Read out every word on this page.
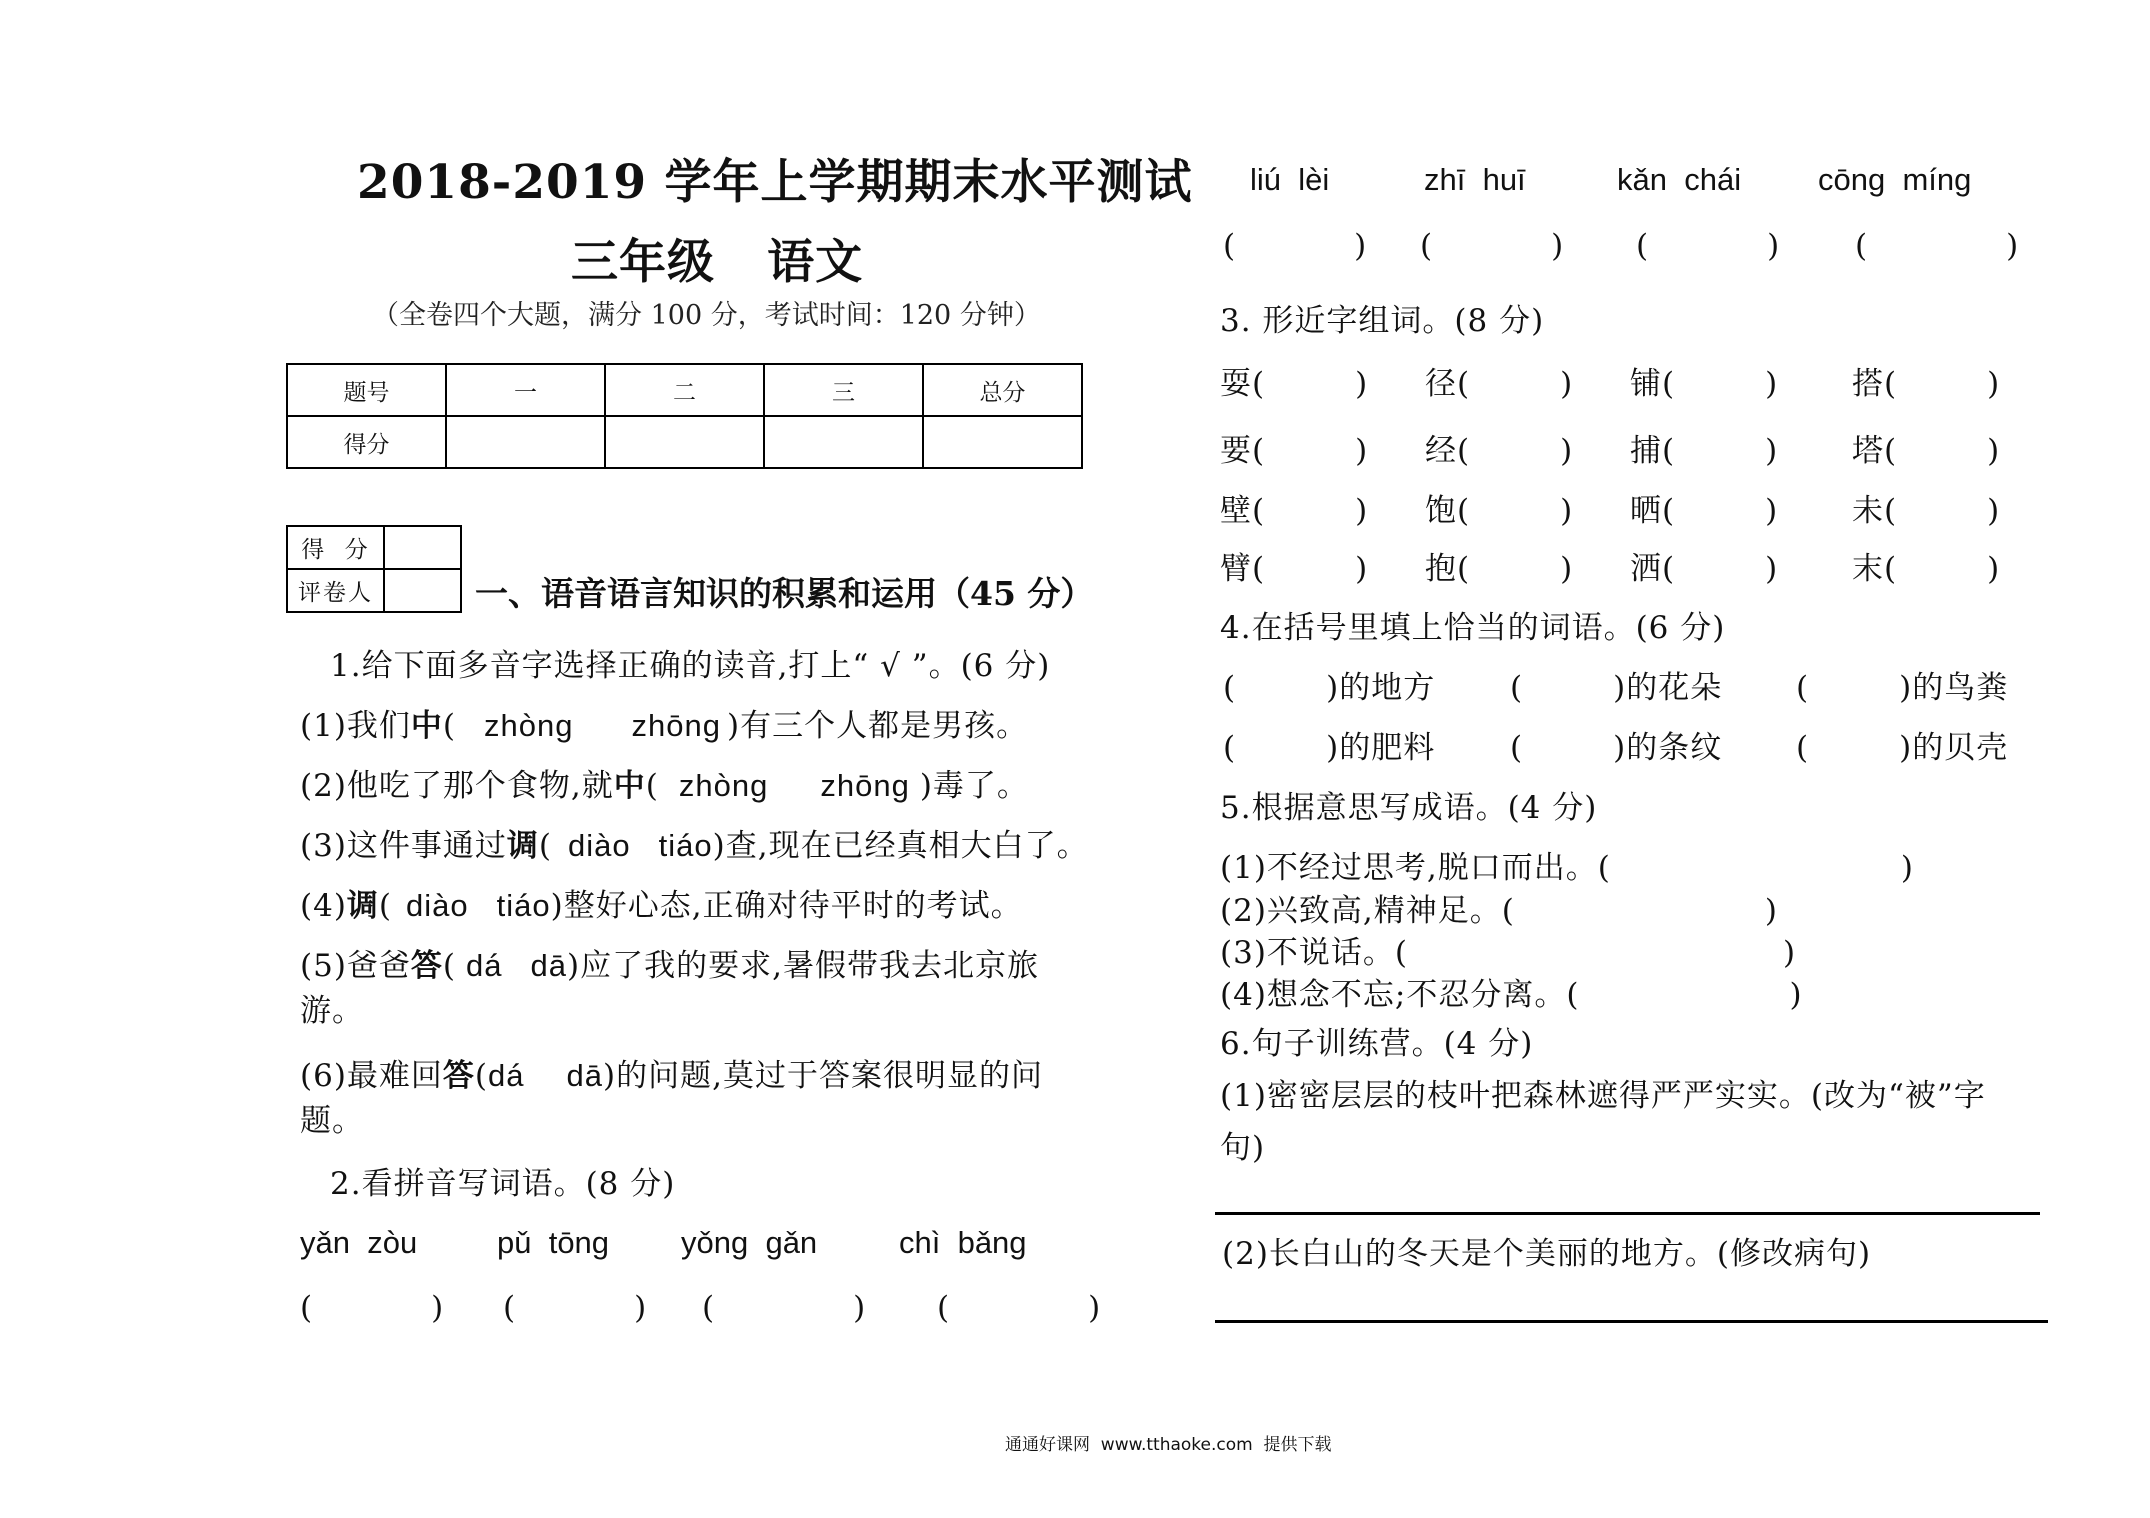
2018-2019 学年上学期期末水平测试
三年级   语文
（全卷四个大题，满分 100 分，考试时间：120 分钟）
题号	一	二	三	总分
得分				
得  分	
评卷人		一、语音语言知识的积累和运用（45 分）
1.给下面多音字选择正确的读音,打上“ √ ”。(6 分)
(1)我们中( zhòng zhōng )有三个人都是男孩。
(2)他吃了那个食物,就中( zhòng zhōng )毒了。
(3)这件事通过调( diào tiáo)查,现在已经真相大白了。
(4)调( diào tiáo)整好心态,正确对待平时的考试。
(5)爸爸答( dá dā)应了我的要求,暑假带我去北京旅
游。
(6)最难回答(dá dā)的问题,莫过于答案很明显的问
题。
2.看拼音写词语。(8 分)
yǎn  zòu	pǔ  tōng yǒng  gǎn	chì  bǎng
(	) (	) (	) (	)
liú  lèi	zhī  huī	kǎn  chái cōng  míng
(	) (	) (	) (	)
3. 形近字组词。(8 分)
耍(	) 径(	) 铺(	) 搭(	)
要(	) 经(	) 捕(	) 塔(	)
壁(	) 饱(	) 晒(	) 未(	)
臂(	) 抱(	) 洒(	) 末(	)
4.在括号里填上恰当的词语。(6 分)
(	)的地方 (	)的花朵 (	)的鸟粪
(	)的肥料 (	)的条纹 (	)的贝壳
5.根据意思写成语。(4 分)
(1)不经过思考,脱口而出。(	)
(2)兴致高,精神足。(	)
(3)不说话。(	)
(4)想念不忘;不忍分离。(	)
6.句子训练营。(4 分)
(1)密密层层的枝叶把森林遮得严严实实。(改为“被”字
句)
(2)长白山的冬天是个美丽的地方。(修改病句)
通通好课网  www.tthaoke.com  提供下载
